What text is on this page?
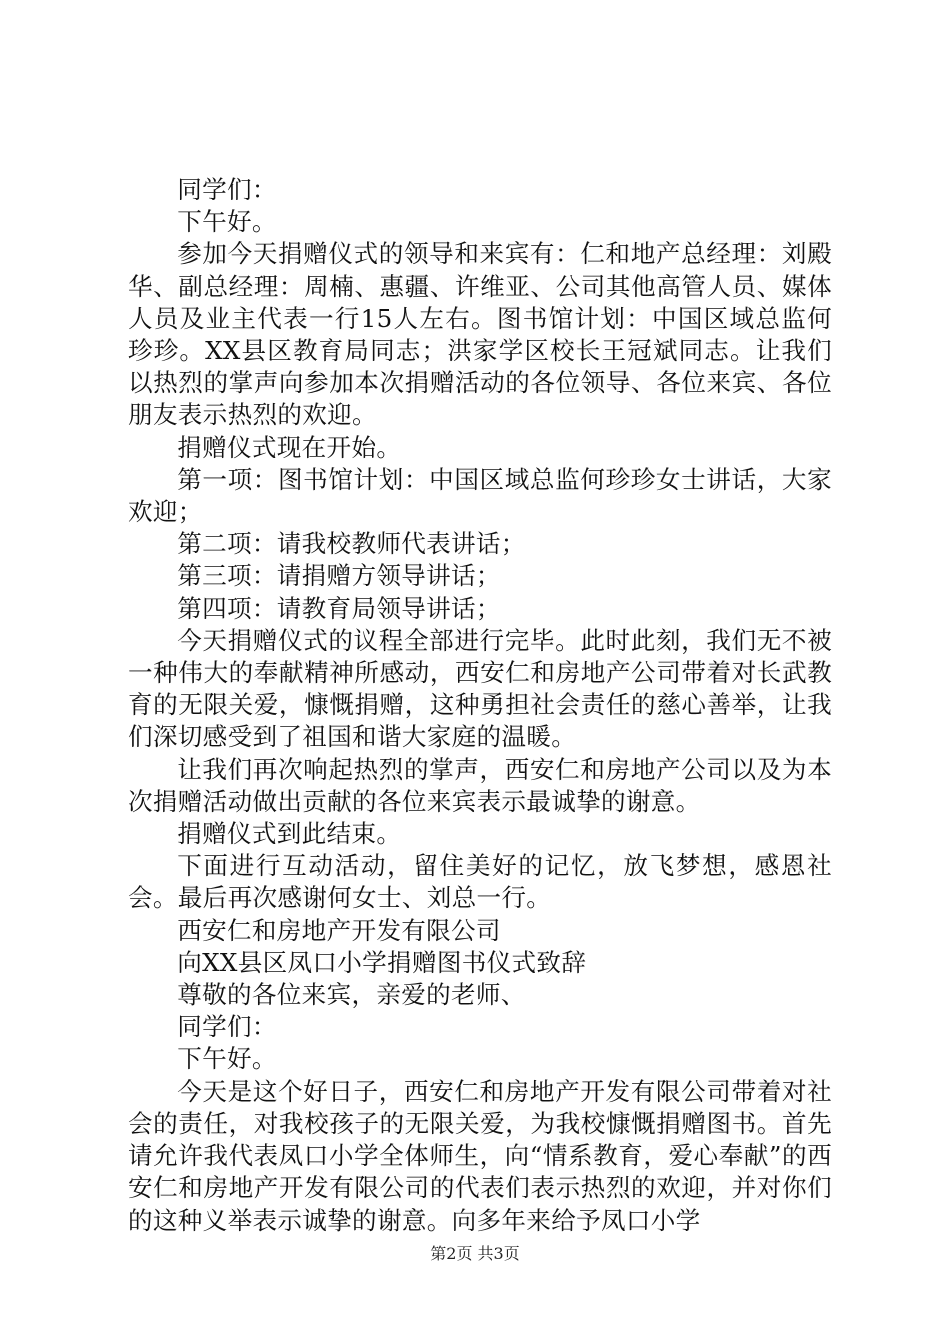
同学们：

下午好。

参加今天捐赠仪式的领导和来宾有：仁和地产总经理：刘殿华、副总经理：周楠、惠疆、许维亚、公司其他高管人员、媒体人员及业主代表一行15人左右。图书馆计划：中国区域总监何珍珍。XX县区教育局同志；洪家学区校长王冠斌同志。让我们以热烈的掌声向参加本次捐赠活动的各位领导、各位来宾、各位朋友表示热烈的欢迎。

捐赠仪式现在开始。

第一项：图书馆计划：中国区域总监何珍珍女士讲话，大家欢迎；

第二项：请我校教师代表讲话；

第三项：请捐赠方领导讲话；

第四项：请教育局领导讲话；

今天捐赠仪式的议程全部进行完毕。此时此刻，我们无不被一种伟大的奉献精神所感动，西安仁和房地产公司带着对长武教育的无限关爱，慷慨捐赠，这种勇担社会责任的慈心善举，让我们深切感受到了祖国和谐大家庭的温暖。

让我们再次响起热烈的掌声，西安仁和房地产公司以及为本次捐赠活动做出贡献的各位来宾表示最诚挚的谢意。

捐赠仪式到此结束。

下面进行互动活动，留住美好的记忆，放飞梦想，感恩社会。最后再次感谢何女士、刘总一行。

西安仁和房地产开发有限公司

向XX县区凤口小学捐赠图书仪式致辞

尊敬的各位来宾，亲爱的老师、

同学们：

下午好。

今天是这个好日子，西安仁和房地产开发有限公司带着对社会的责任，对我校孩子的无限关爱，为我校慷慨捐赠图书。首先请允许我代表凤口小学全体师生，向“情系教育，爱心奉献”的西安仁和房地产开发有限公司的代表们表示热烈的欢迎，并对你们的这种义举表示诚挚的谢意。向多年来给予凤口小学

第2页 共3页
